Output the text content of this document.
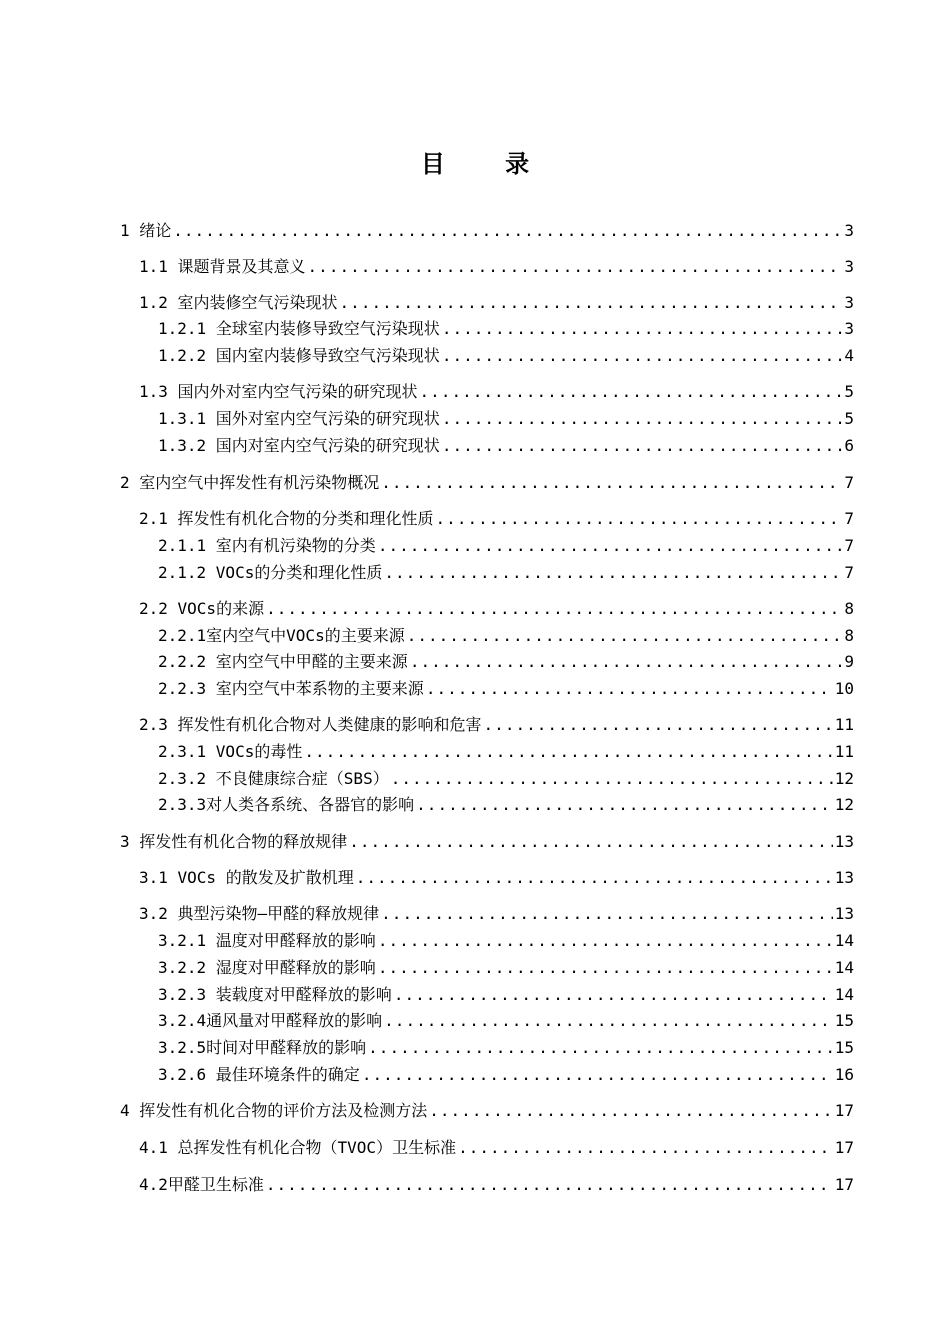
目 录
1 绪论 .....	3
1.1 课题背景及其意义 .....	3
1.2 室内装修空气污染现状 .....	3
1.2.1 全球室内装修导致空气污染现状 .....	3
1.2.2 国内室内装修导致空气污染现状 .....	4
1.3 国内外对室内空气污染的研究现状 .....	5
1.3.1 国外对室内空气污染的研究现状 .....	5
1.3.2 国内对室内空气污染的研究现状 .....	6
2 室内空气中挥发性有机污染物概况 .....	7
2.1 挥发性有机化合物的分类和理化性质 .....	7
2.1.1 室内有机污染物的分类 .....	7
2.1.2 VOCs的分类和理化性质 .....	7
2.2 VOCs的来源 .....	8
2.2.1室内空气中VOCs的主要来源 .....	8
2.2.2 室内空气中甲醛的主要来源 .....	9
2.2.3 室内空气中苯系物的主要来源 .....	10
2.3 挥发性有机化合物对人类健康的影响和危害 .....	11
2.3.1 VOCs的毒性 .....	11
2.3.2 不良健康综合症（SBS） .....	12
2.3.3对人类各系统、各器官的影响 .....	12
3 挥发性有机化合物的释放规律 .....	13
3.1 VOCs 的散发及扩散机理 .....	13
3.2 典型污染物—甲醛的释放规律 .....	13
3.2.1 温度对甲醛释放的影响 .....	14
3.2.2 湿度对甲醛释放的影响 .....	14
3.2.3 装载度对甲醛释放的影响 .....	14
3.2.4通风量对甲醛释放的影响 .....	15
3.2.5时间对甲醛释放的影响 .....	15
3.2.6 最佳环境条件的确定 .....	16
4 挥发性有机化合物的评价方法及检测方法 .....	17
4.1 总挥发性有机化合物（TVOC）卫生标准 .....	17
4.2甲醛卫生标准 .....	17
